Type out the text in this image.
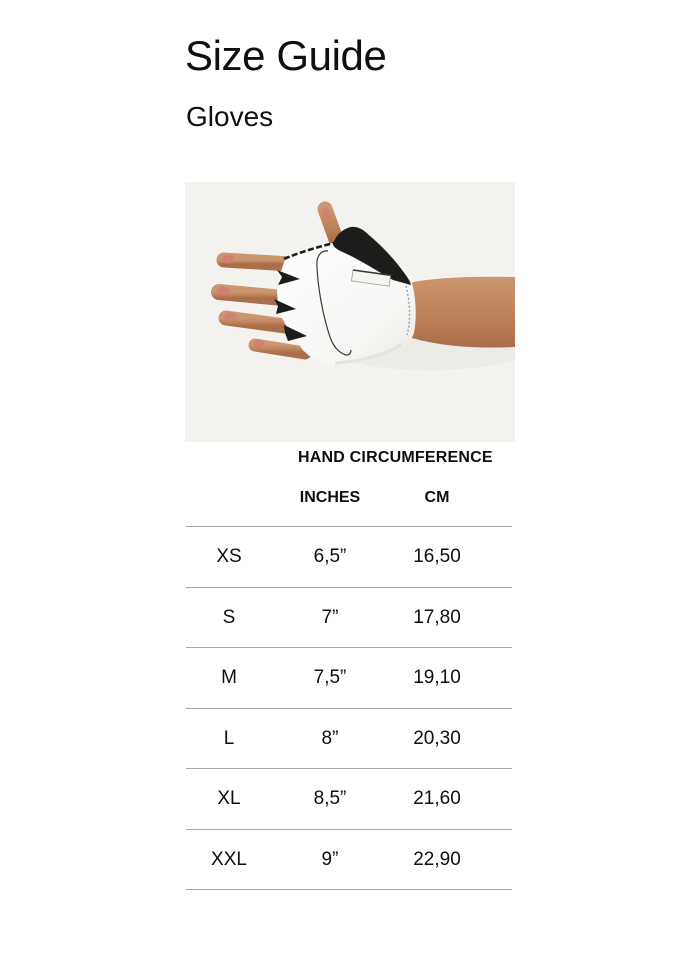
Size Guide
Gloves
HAND CIRCUMFERENCE
INCHES	CM
XS	6,5”	16,50
S	7”	17,80
M	7,5”	19,10
L	8”	20,30
XL	8,5”	21,60
XXL	9”	22,90
